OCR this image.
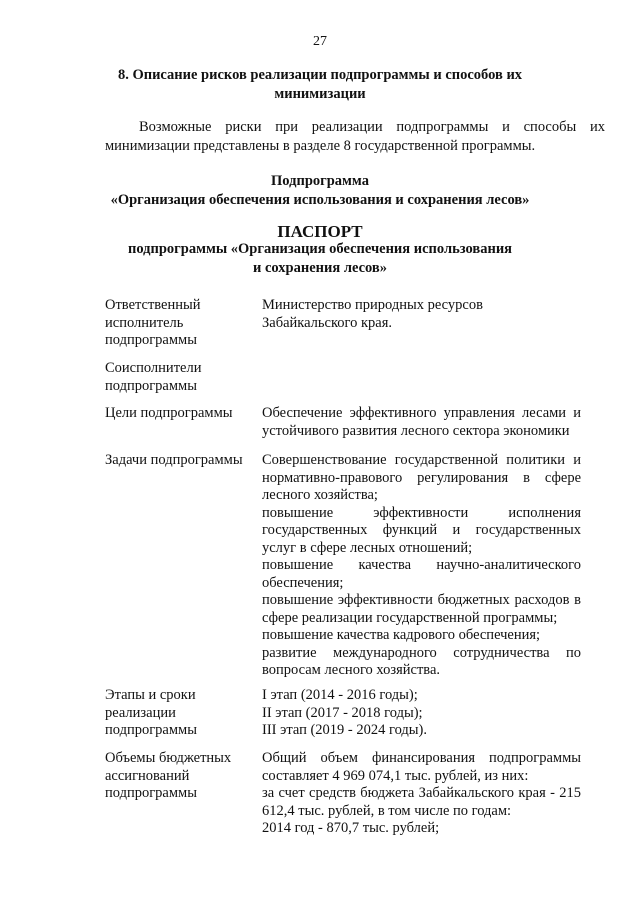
27
8. Описание рисков реализации подпрограммы и способов их
минимизации
Возможные риски при реализации подпрограммы и способы их минимизации представлены в разделе 8 государственной программы.
Подпрограмма
«Организация обеспечения использования и сохранения лесов»
ПАСПОРТ
подпрограммы «Организация обеспечения использования
и сохранения лесов»
Ответственный исполнитель подпрограммы
Министерство природных ресурсов Забайкальского края.
Соисполнители подпрограммы
Цели подпрограммы	Обеспечение эффективного управления лесами и устойчивого развития лесного сектора экономики
Задачи подпрограммы	Совершенствование государственной политики и нормативно-правового регулирования в сфере лесного хозяйства;
повышение эффективности исполнения государственных функций и государственных услуг в сфере лесных отношений;
повышение качества научно-аналитического обеспечения;
повышение эффективности бюджетных расходов в сфере реализации государственной программы;
повышение качества кадрового обеспечения;
развитие международного сотрудничества по вопросам лесного хозяйства.
Этапы и сроки реализации подпрограммы
I этап (2014 - 2016 годы);
II этап (2017 - 2018 годы);
III этап (2019 - 2024 годы).
Объемы бюджетных ассигнований подпрограммы
Общий объем финансирования подпрограммы составляет 4 969 074,1 тыс. рублей, из них:
за счет средств бюджета Забайкальского края - 215 612,4 тыс. рублей, в том числе по годам:
2014 год - 870,7 тыс. рублей;
